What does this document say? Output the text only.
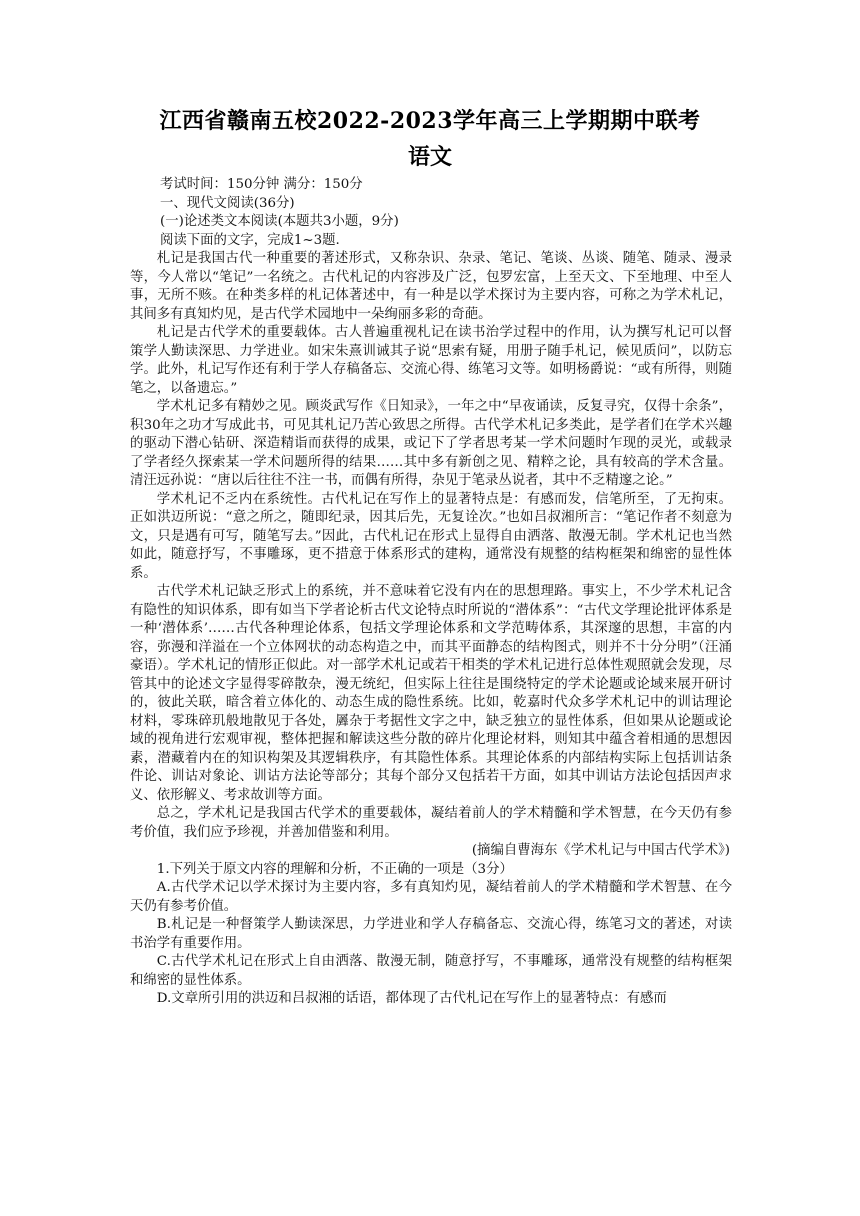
江西省赣南五校2022-2023学年高三上学期期中联考
语文

考试时间：150分钟 满分：150分

一、现代文阅读(36分)

(一)论述类文本阅读(本题共3小题，9分)

阅读下面的文字，完成1~3题.

札记是我国古代一种重要的著述形式，又称杂识、杂录、笔记、笔谈、丛谈、随笔、随录、漫录等，今人常以“笔记”一名统之。古代札记的内容涉及广泛，包罗宏富，上至天文、下至地理、中至人事，无所不赅。在种类多样的札记体著述中，有一种是以学术探讨为主要内容，可称之为学术札记，其间多有真知灼见，是古代学术园地中一朵绚丽多彩的奇葩。

札记是古代学术的重要载体。古人普遍重视札记在读书治学过程中的作用，认为撰写札记可以督策学人勤读深思、力学进业。如宋朱熹训诫其子说“思索有疑，用册子随手札记，候见质问”，以防忘学。此外，札记写作还有利于学人存稿备忘、交流心得、练笔习文等。如明杨爵说：“或有所得，则随笔之，以备遗忘。”

学术札记多有精妙之见。顾炎武写作《日知录》，一年之中“早夜诵读，反复寻究，仅得十余条”，积30年之功才写成此书，可见其札记乃苦心致思之所得。古代学术札记多类此，是学者们在学术兴趣的驱动下潜心钻研、深造精诣而获得的成果，或记下了学者思考某一学术问题时乍现的灵光，或载录了学者经久探索某一学术问题所得的结果……其中多有新创之见、精粹之论，具有较高的学术含量。清汪远孙说：“唐以后往往不注一书，而偶有所得，杂见于笔录丛说者，其中不乏精邃之论。”

学术札记不乏内在系统性。古代札记在写作上的显著特点是：有感而发，信笔所至，了无拘束。正如洪迈所说：“意之所之，随即纪录，因其后先，无复诠次。”也如吕叔湘所言：“笔记作者不刻意为文，只是遇有可写，随笔写去。”因此，古代札记在形式上显得自由洒落、散漫无制。学术札记也当然如此，随意抒写，不事雕琢，更不措意于体系形式的建构，通常没有规整的结构框架和绵密的显性体系。

古代学术札记缺乏形式上的系统，并不意味着它没有内在的思想理路。事实上，不少学术札记含有隐性的知识体系，即有如当下学者论析古代文论特点时所说的“潜体系”：“古代文学理论批评体系是一种‘潜体系’……古代各种理论体系，包括文学理论体系和文学范畴体系，其深邃的思想，丰富的内容，弥漫和洋溢在一个立体网状的动态构造之中，而其平面静态的结构图式，则并不十分分明”（汪涌豪语）。学术札记的情形正似此。对一部学术札记或若干相类的学术札记进行总体性观照就会发现，尽管其中的论述文字显得零碎散杂，漫无统纪，但实际上往往是围绕特定的学术论题或论域来展开研讨的，彼此关联，暗含着立体化的、动态生成的隐性系统。比如，乾嘉时代众多学术札记中的训诂理论材料，零珠碎玑般地散见于各处，羼杂于考据性文字之中，缺乏独立的显性体系，但如果从论题或论域的视角进行宏观审视，整体把握和解读这些分散的碎片化理论材料，则知其中蕴含着相通的思想因素，潜藏着内在的知识构架及其逻辑秩序，有其隐性体系。其理论体系的内部结构实际上包括训诂条件论、训诂对象论、训诂方法论等部分；其每个部分又包括若干方面，如其中训诂方法论包括因声求义、依形解义、考求故训等方面。

总之，学术札记是我国古代学术的重要载体，凝结着前人的学术精髓和学术智慧，在今天仍有参考价值，我们应予珍视，并善加借鉴和利用。

(摘编自曹海东《学术札记与中国古代学术》)

1.下列关于原文内容的理解和分析，不正确的一项是（3分）

A.古代学术记以学术探讨为主要内容，多有真知灼见，凝结着前人的学术精髓和学术智慧、在今天仍有参考价值。

B.札记是一种督策学人勤读深思，力学进业和学人存稿备忘、交流心得，练笔习文的著述，对读书治学有重要作用。

C.古代学术札记在形式上自由洒落、散漫无制，随意抒写，不事雕琢，通常没有规整的结构框架和绵密的显性体系。

D.文章所引用的洪迈和吕叔湘的话语，都体现了古代札记在写作上的显著特点：有感而
